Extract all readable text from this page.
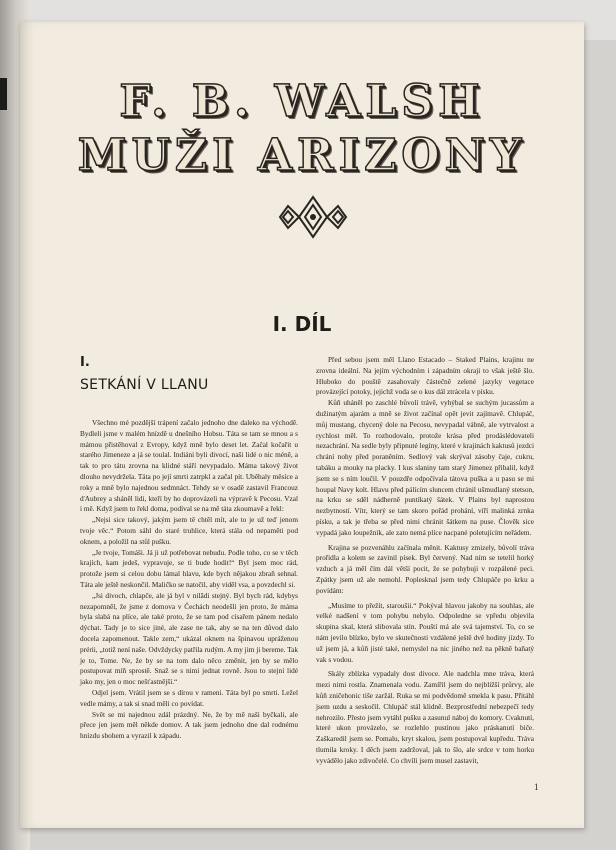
F. B. WALSH
MUŽI ARIZONY
I. DÍL
I.
SETKÁNÍ V LLANU

Všechno mé pozdější trápení začalo jednoho dne daleko na východě. Bydleli jsme v malém hnízdě u dnešního Hobsu. Táta se tam se mnou a s mámou přistěhoval z Evropy, když mně bylo deset let. Začal kočařit u starého Jimeneze a já se toulal. Indiáni byli divocí, naši lidé o nic méně, a tak to pro tátu zrovna na klidné stáří nevypadalo. Máma takový život dlouho nevydržela. Táta po její smrti zatrpkl a začal pít. Uběhaly měsíce a roky a mně bylo najednou sedmnáct. Tehdy se v osadě zastavil Francouz ďAubrey a sháněl lidi, kteří by ho doprovázeli na výpravě k Pecosu. Vzal i mě. Když jsem to řekl doma, podíval se na mě táta zkoumavě a řekl:

„Nejsi sice takový, jakým jsem tě chtěl mít, ale to je už teď jenom tvoje věc.“ Potom sáhl do staré truhlice, která stála od nepaměti pod oknem, a položil na stůl pušku.

„Je tvoje, Tomáši. Já ji už potřebovat nebudu. Podle toho, co se v těch krajích, kam jedeš, vypravuje, se ti bude hodit!“ Byl jsem moc rád, protože jsem si celou dobu lámal hlavu, kde bych nějakou zbraň sehnal. Táta ale ještě neskončil. Maličko se natočil, aby viděl vsa, a povzdechl si.

„Jsi divoch, chlapče, ale já byl v nilădi stejný. Byl bych rád, kdybys nezapomněl, že jsme z domova v Čechách neodešli jen proto, že máma byla slabá na plíce, ale také proto, že se tam pod císařem pánem nedalo dýchat. Tady je to sice jiné, ale zase ne tak, aby se na ten důvod dalo docela zapomenout. Takle zem,“ ukázal oknem na špinavou upráženou prérii, „totiž není naše. Odvždycky patřila rudým. A my jim ji bereme. Tak je to, Tome. Ne, že by se na tom dalo něco změnit, jen by se mělo postupovat míň sprostě. Snaž se s nimi jednat rovně. Jsou to stejní lidé jako my, jen o moc nešťastnější.“

Odjel jsem. Vrátil jsem se s dírou v rameni. Táta byl po smrti. Ležel vedle mámy, a tak si snad měli co povídat.

Svět se mi najednou zdál prázdný. Ne, že by mě naši byčkali, ale přece jen jsem měl někde domov. A tak jsem jednoho dne dal rodnému hnízdu sbohem a vyrazil k západu.

Před sebou jsem měl Llano Estacado – Staked Plains, krajinu ne zrovna ideální. Na jejím východním i západním okraji to však ještě šlo. Hluboko do pouště zasahovaly částečně zelené jazyky vegetace provázející potoky, jejichž voda se o kus dál ztrácela v písku.

Kůň uháněl po zaschlé bůvolí trávě, vyhýbal se suchým jucassům a dužinatým ajarám a mně se život začínal opět jevit zajímavě. Chlupáč, můj mustang, chycený dole na Pecosu, nevypadal vábně, ale vytrvalost a rychlost měl. To rozhodovalo, protože krása před prodáslédovateli nezachrání. Na sedle byly připnuté legíny, které v krajinách kaktusů jezdci chrání nohy před poraněním. Sedlový vak skrýval zásoby čaje, cukru, tabáku a mouky na placky. I kus slaniny tam starý Jimenez přibalil, když jsem se s ním loučil. V pouzdře odpočívala tátova puška a u pasu se mi houpal Navy kolt. Hlavu před pálícím sluncem chránil ušmudlaný stetson, na krku se sděl nádherně puntíkatý šátek. V Plains byl naprostou nezbytností. Vítr, který se tam skoro pořád prohání, víří malinká zrnka písku, a tak je třeba se před nimi chránit šátkem na puse. Člověk sice vypadá jako loupežník, ale zato nemá plíce nacpané poletujícím neřádem.

Krajina se pozvenáhlu začínala měnit. Kaktusy zmizely, bůvolí tráva prořídla a kolem se zavinil písek. Byl červený. Nad ním se tetelil horký vzduch a já měl čím dál větší pocit, že se pohybuji v rozpálené peci. Zpátky jsem už ale nemohl. Poplesknal jsem tedy Chlupáče po krku a povídám:

„Musíme to přežít, staroušii.“ Pokýval hlavou jakoby na souhlas, ale velké nadšení v tom pohybu nebylo. Odpoledne se vpředu objevila skupina skal, která slibovala stín. Pouští má ale svá tajemství. To, co se nám jevilo blízko, bylo ve skutečnosti vzdálené ještě dvě hodiny jízdy. To už jsem já, a kůň jisté také, nemyslel na nic jiného než na pěkně baňatý vak s vodou.

Skály zblízka vypadaly dost divoce. Ale nadchla mne tráva, která mezi nimi rostla. Znamenala vodu. Zamířil jsem do nejbližší průrvy, ale kůň zničehonic tiše zaržál. Ruka se mi podvědomě smekla k pasu. Přitáhl jsem uzdu a seskočil. Chlupáč stál klidně. Bezprostřední nebezpečí tedy nehrozilo. Přesto jsem vytáhl pušku a zasunul náboj do komory. Cvaknutí, které ukon provázelo, se rozlehlo pustinou jako práskanutí biče. Zaškaredil jsem se. Pomalu, kryt skalou, jsem postupoval kupředu. Tráva tlumila kroky. I děch jsem zadržoval, jak to šlo, ale srdce v tom horku vyvádělo jako zdivočelé. Co chvíli jsem musel zastavit,

1
